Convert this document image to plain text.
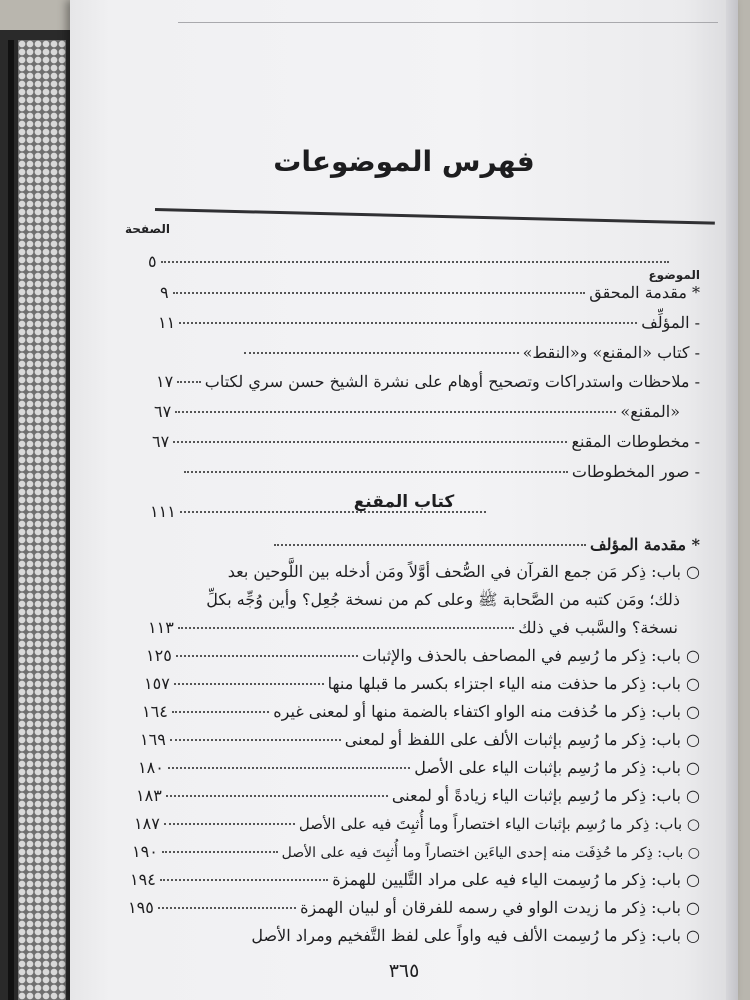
فهرس الموضوعات
الصفحة
الموضوع
٥
* مقدمة المحقق
٩
- المؤلِّف
١١
- كتاب «المقنع» و«النقط»
- ملاحظات واستدراكات وتصحيح أوهام على نشرة الشيخ حسن سري لكتاب
١٧
«المقنع»
٦٧
- مخطوطات المقنع
٦٧
- صور المخطوطات
كتاب المقنع
١١١
* مقدمة المؤلف
○ باب: ذِكر مَن جمع القرآن في الصُّحف أوَّلاً ومَن أدخله بين اللَّوحين بعد
ذلك؛ ومَن كتبه من الصَّحابة ﷺ وعلى كم من نسخة جُعِل؟ وأين وُجِّه بكلِّ
نسخة؟ والسَّبب في ذلك
١١٣
○ باب: ذِكر ما رُسِم في المصاحف بالحذف والإثبات
١٢٥
○ باب: ذِكر ما حذفت منه الياء اجتزاء بكسر ما قبلها منها
١٥٧
○ باب: ذِكر ما حُذفت منه الواو اكتفاء بالضمة منها أو لمعنى غيره
١٦٤
○ باب: ذِكر ما رُسِم بإثبات الألف على اللفظ أو لمعنى
١٦٩
○ باب: ذِكر ما رُسِم بإثبات الياء على الأصل
١٨٠
○ باب: ذِكر ما رُسِم بإثبات الياء زيادةً أو لمعنى
١٨٣
○ باب: ذِكر ما رُسِم بإثبات الياء اختصاراً وما أُثبِتَ فيه على الأصل
١٨٧
○ باب: ذِكر ما حُذِفَت منه إحدى الياءَين اختصاراً وما أُثبِتَ فيه على الأصل
١٩٠
○ باب: ذِكر ما رُسِمت الياء فيه على مراد التَّليين للهمزة
١٩٤
○ باب: ذِكر ما زيدت الواو في رسمه للفرقان أو لبيان الهمزة
١٩٥
○ باب: ذِكر ما رُسِمت الألف فيه واواً على لفظ التَّفخيم ومراد الأصل
٣٦٥
